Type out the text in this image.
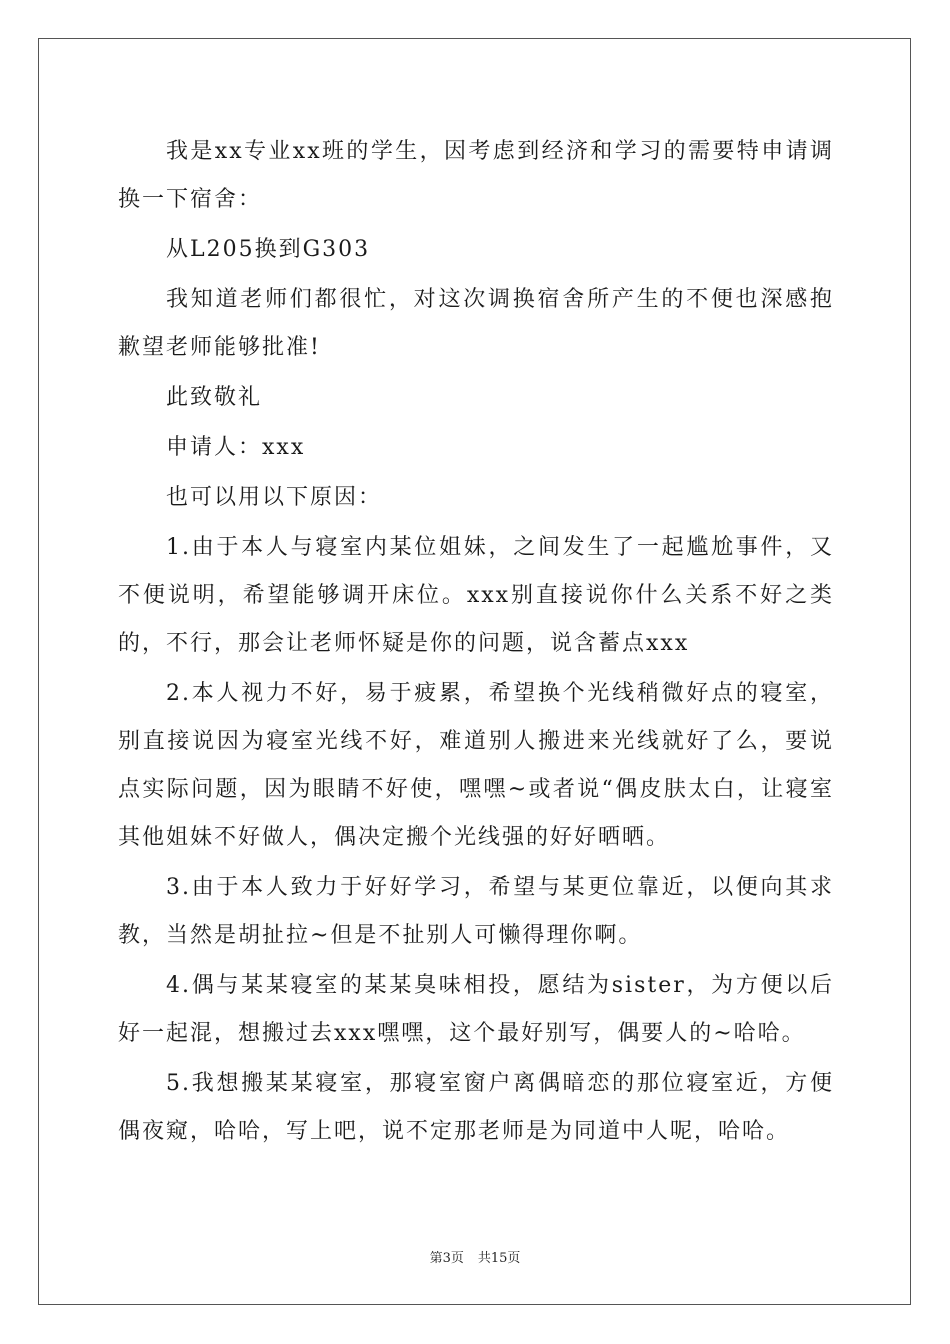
我是xx专业xx班的学生，因考虑到经济和学习的需要特申请调换一下宿舍：

从L205换到G303

我知道老师们都很忙，对这次调换宿舍所产生的不便也深感抱歉望老师能够批准!

此致敬礼

申请人：xxx

也可以用以下原因：

1.由于本人与寝室内某位姐妹，之间发生了一起尴尬事件，又不便说明，希望能够调开床位。xxx别直接说你什么关系不好之类的，不行，那会让老师怀疑是你的问题，说含蓄点xxx

2.本人视力不好，易于疲累，希望换个光线稍微好点的寝室，别直接说因为寝室光线不好，难道别人搬进来光线就好了么，要说点实际问题，因为眼睛不好使，嘿嘿~或者说“偶皮肤太白，让寝室其他姐妹不好做人，偶决定搬个光线强的好好晒晒。

3.由于本人致力于好好学习，希望与某更位靠近，以便向其求教，当然是胡扯拉~但是不扯别人可懒得理你啊。

4.偶与某某寝室的某某臭味相投，愿结为sister，为方便以后好一起混，想搬过去xxx嘿嘿，这个最好别写，偶要人的~哈哈。

5.我想搬某某寝室，那寝室窗户离偶暗恋的那位寝室近，方便偶夜窥，哈哈，写上吧，说不定那老师是为同道中人呢，哈哈。

第3页 共15页
